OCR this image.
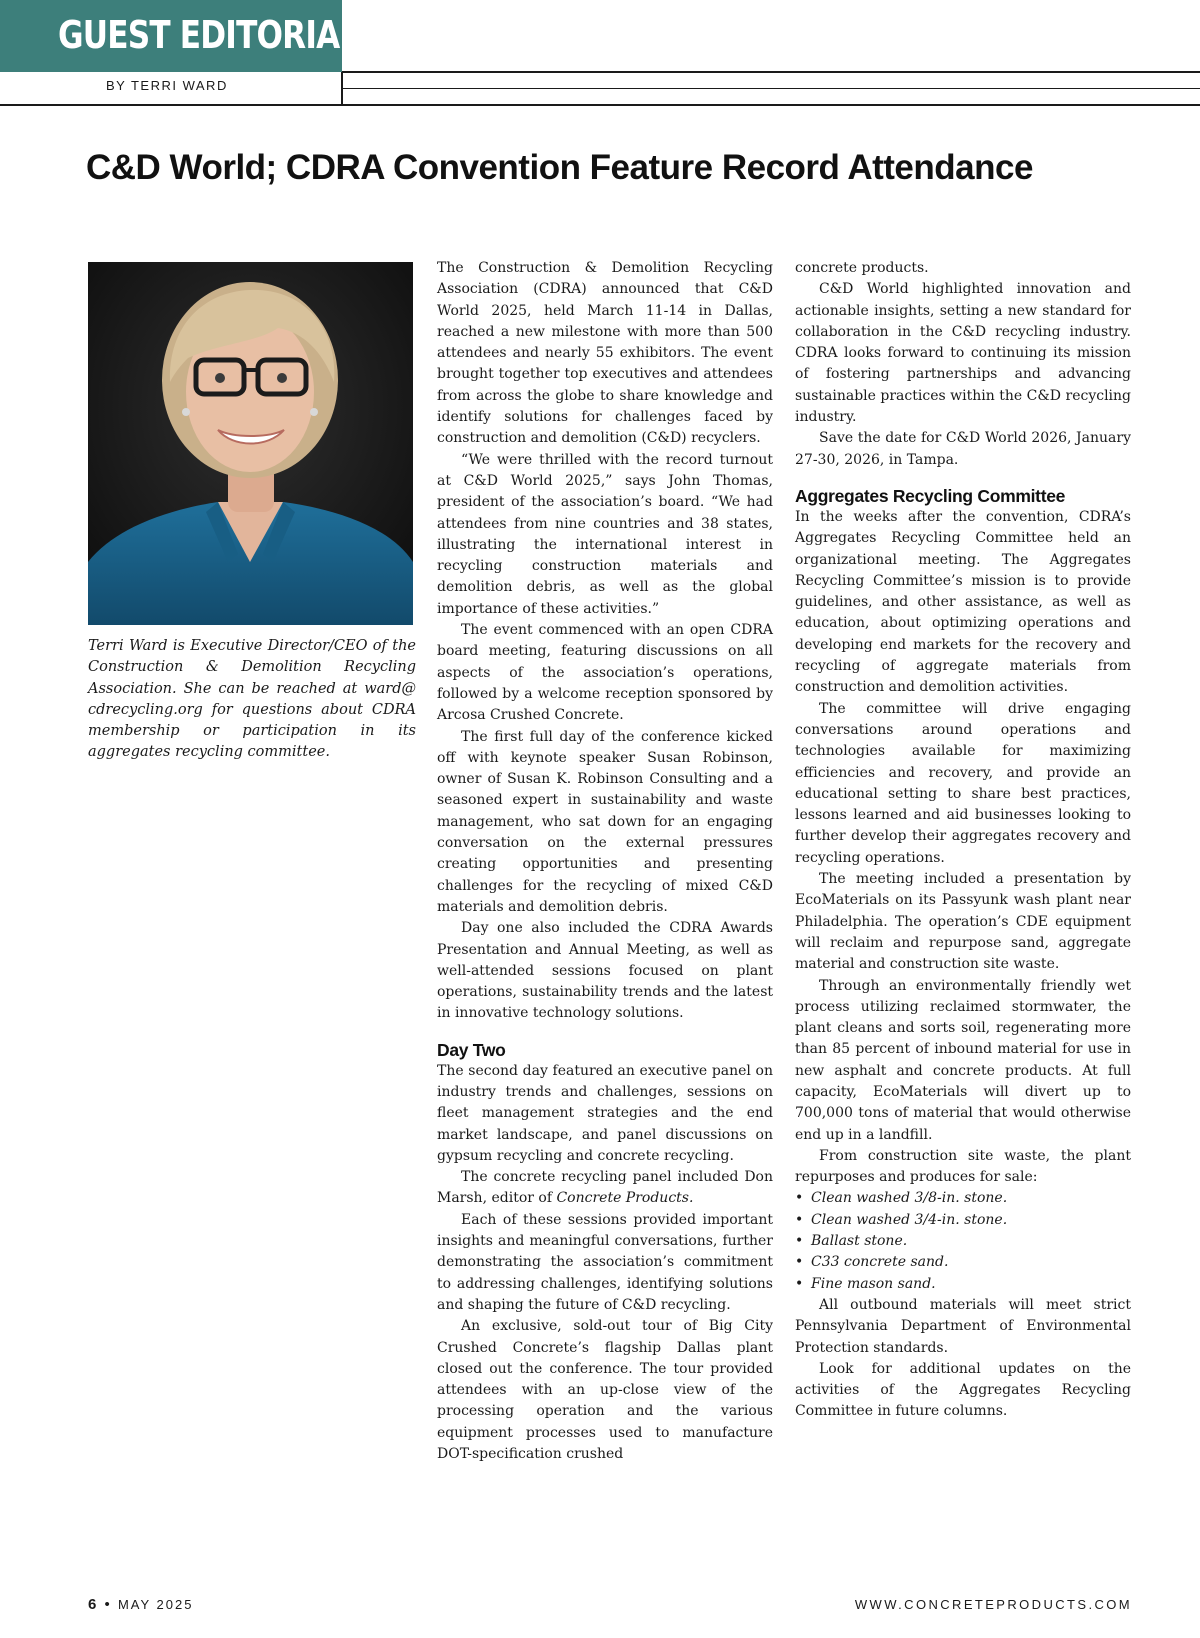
GUEST EDITORIAL
BY TERRI WARD
C&D World; CDRA Convention Feature Record Attendance
Terri Ward is Executive Director/CEO of the Construction & Demolition Recycling Association. She can be reached at ward@ cdrecycling.org for questions about CDRA membership or participation in its aggregates recycling committee.

The Construction & Demolition Recycling Association (CDRA) announced that C&D World 2025, held March 11-14 in Dallas, reached a new milestone with more than 500 attendees and nearly 55 exhibitors. The event brought together top executives and attendees from across the globe to share knowledge and identify solutions for challenges faced by construction and demolition (C&D) recyclers.

“We were thrilled with the record turnout at C&D World 2025,” says John Thomas, president of the association’s board. “We had attendees from nine countries and 38 states, illustrating the international interest in recycling construction materials and demolition debris, as well as the global importance of these activities.”

The event commenced with an open CDRA board meeting, featuring discussions on all aspects of the association’s operations, followed by a welcome reception sponsored by Arcosa Crushed Concrete.

The first full day of the conference kicked off with keynote speaker Susan Robinson, owner of Susan K. Robinson Consulting and a seasoned expert in sustainability and waste management, who sat down for an engaging conversation on the external pressures creating opportunities and presenting challenges for the recycling of mixed C&D materials and demolition debris.

Day one also included the CDRA Awards Presentation and Annual Meeting, as well as well-attended sessions focused on plant operations, sustainability trends and the latest in innovative technology solutions.

Day Two

The second day featured an executive panel on industry trends and challenges, sessions on fleet management strategies and the end market landscape, and panel discussions on gypsum recycling and concrete recycling.

The concrete recycling panel included Don Marsh, editor of Concrete Products.

Each of these sessions provided important insights and meaningful conversations, further demonstrating the association’s commitment to addressing challenges, identifying solutions and shaping the future of C&D recycling.

An exclusive, sold-out tour of Big City Crushed Concrete’s flagship Dallas plant closed out the conference. The tour provided attendees with an up-close view of the processing operation and the various equipment processes used to manufacture DOT-specification crushed

concrete products.

C&D World highlighted innovation and actionable insights, setting a new standard for collaboration in the C&D recycling industry. CDRA looks forward to continuing its mission of fostering partnerships and advancing sustainable practices within the C&D recycling industry.

Save the date for C&D World 2026, January 27-30, 2026, in Tampa.

Aggregates Recycling Committee

In the weeks after the convention, CDRA’s Aggregates Recycling Committee held an organizational meeting. The Aggregates Recycling Committee’s mission is to provide guidelines, and other assistance, as well as education, about optimizing operations and developing end markets for the recovery and recycling of aggregate materials from construction and demolition activities.

The committee will drive engaging conversations around operations and technologies available for maximizing efficiencies and recovery, and provide an educational setting to share best practices, lessons learned and aid businesses looking to further develop their aggregates recovery and recycling operations.

The meeting included a presentation by EcoMaterials on its Passyunk wash plant near Philadelphia. The operation’s CDE equipment will reclaim and repurpose sand, aggregate material and construction site waste.

Through an environmentally friendly wet process utilizing reclaimed stormwater, the plant cleans and sorts soil, regenerating more than 85 percent of inbound material for use in new asphalt and concrete products. At full capacity, EcoMaterials will divert up to 700,000 tons of material that would otherwise end up in a landfill.

From construction site waste, the plant repurposes and produces for sale:

• Clean washed 3/8-in. stone.
• Clean washed 3/4-in. stone.
• Ballast stone.
• C33 concrete sand.
• Fine mason sand.

All outbound materials will meet strict Pennsylvania Department of Environmental Protection standards.

Look for additional updates on the activities of the Aggregates Recycling Committee in future columns.

6 • MAY 2025	WWW.CONCRETEPRODUCTS.COM
